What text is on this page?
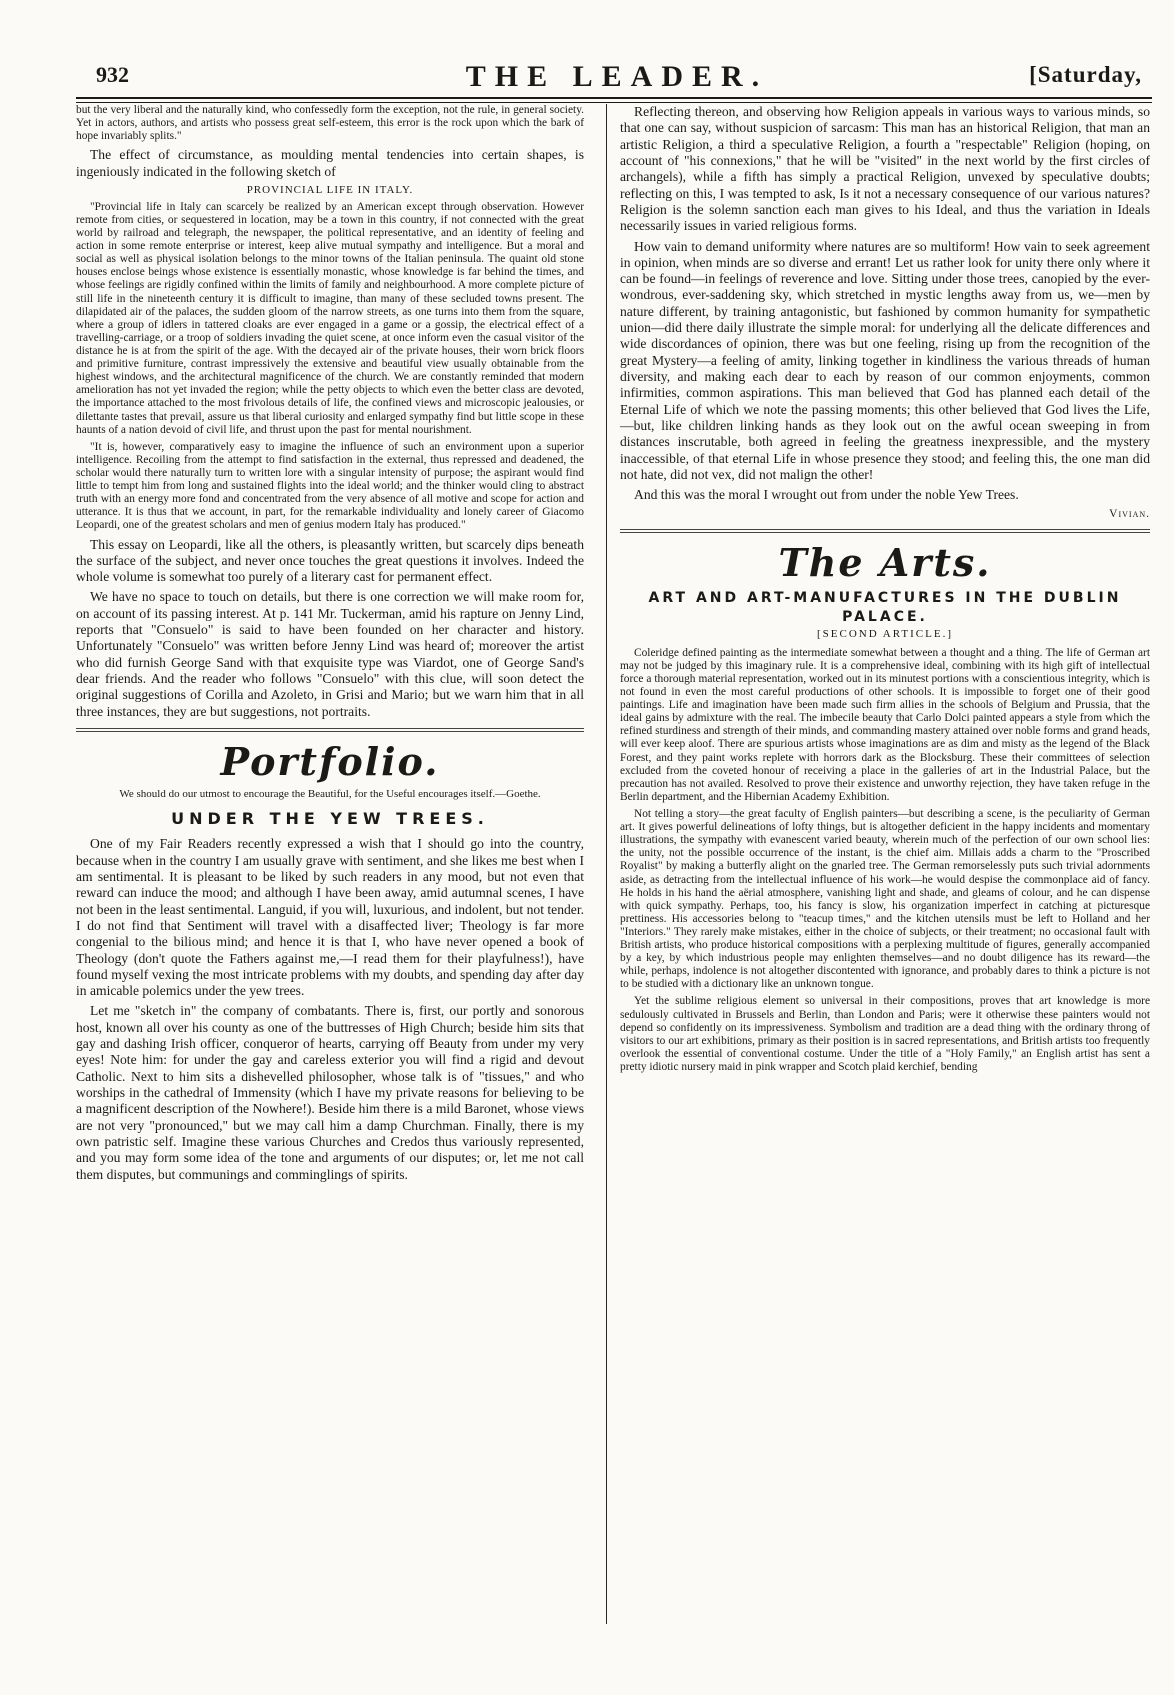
932	THE LEADER.	[Saturday,

but the very liberal and the naturally kind, who confessedly form the exception, not the rule, in general society. Yet in actors, authors, and artists who possess great self-esteem, this error is the rock upon which the bark of hope invariably splits."

The effect of circumstance, as moulding mental tendencies into certain shapes, is ingeniously indicated in the following sketch of

PROVINCIAL LIFE IN ITALY.

"Provincial life in Italy can scarcely be realized by an American except through observation. However remote from cities, or sequestered in location, may be a town in this country, if not connected with the great world by railroad and telegraph, the newspaper, the political representative, and an identity of feeling and action in some remote enterprise or interest, keep alive mutual sympathy and intelligence. But a moral and social as well as physical isolation belongs to the minor towns of the Italian peninsula. The quaint old stone houses enclose beings whose existence is essentially monastic, whose knowledge is far behind the times, and whose feelings are rigidly confined within the limits of family and neighbourhood. A more complete picture of still life in the nineteenth century it is difficult to imagine, than many of these secluded towns present. The dilapidated air of the palaces, the sudden gloom of the narrow streets, as one turns into them from the square, where a group of idlers in tattered cloaks are ever engaged in a game or a gossip, the electrical effect of a travelling-carriage, or a troop of soldiers invading the quiet scene, at once inform even the casual visitor of the distance he is at from the spirit of the age. With the decayed air of the private houses, their worn brick floors and primitive furniture, contrast impressively the extensive and beautiful view usually obtainable from the highest windows, and the architectural magnificence of the church. We are constantly reminded that modern amelioration has not yet invaded the region; while the petty objects to which even the better class are devoted, the importance attached to the most frivolous details of life, the confined views and microscopic jealousies, or dilettante tastes that prevail, assure us that liberal curiosity and enlarged sympathy find but little scope in these haunts of a nation devoid of civil life, and thrust upon the past for mental nourishment.

"It is, however, comparatively easy to imagine the influence of such an environment upon a superior intelligence. Recoiling from the attempt to find satisfaction in the external, thus repressed and deadened, the scholar would there naturally turn to written lore with a singular intensity of purpose; the aspirant would find little to tempt him from long and sustained flights into the ideal world; and the thinker would cling to abstract truth with an energy more fond and concentrated from the very absence of all motive and scope for action and utterance. It is thus that we account, in part, for the remarkable individuality and lonely career of Giacomo Leopardi, one of the greatest scholars and men of genius modern Italy has produced."

This essay on Leopardi, like all the others, is pleasantly written, but scarcely dips beneath the surface of the subject, and never once touches the great questions it involves. Indeed the whole volume is somewhat too purely of a literary cast for permanent effect.

We have no space to touch on details, but there is one correction we will make room for, on account of its passing interest. At p. 141 Mr. Tuckerman, amid his rapture on Jenny Lind, reports that "Consuelo" is said to have been founded on her character and history. Unfortunately "Consuelo" was written before Jenny Lind was heard of; moreover the artist who did furnish George Sand with that exquisite type was Viardot, one of George Sand's dear friends. And the reader who follows "Consuelo" with this clue, will soon detect the original suggestions of Corilla and Azoleto, in Grisi and Mario; but we warn him that in all three instances, they are but suggestions, not portraits.

Portfolio.

We should do our utmost to encourage the Beautiful, for the Useful encourages itself.—Goethe.

UNDER THE YEW TREES.

One of my Fair Readers recently expressed a wish that I should go into the country, because when in the country I am usually grave with sentiment, and she likes me best when I am sentimental. It is pleasant to be liked by such readers in any mood, but not even that reward can induce the mood; and although I have been away, amid autumnal scenes, I have not been in the least sentimental. Languid, if you will, luxurious, and indolent, but not tender. I do not find that Sentiment will travel with a disaffected liver; Theology is far more congenial to the bilious mind; and hence it is that I, who have never opened a book of Theology (don't quote the Fathers against me,—I read them for their playfulness!), have found myself vexing the most intricate problems with my doubts, and spending day after day in amicable polemics under the yew trees.

Let me "sketch in" the company of combatants. There is, first, our portly and sonorous host, known all over his county as one of the buttresses of High Church; beside him sits that gay and dashing Irish officer, conqueror of hearts, carrying off Beauty from under my very eyes! Note him: for under the gay and careless exterior you will find a rigid and devout Catholic. Next to him sits a dishevelled philosopher, whose talk is of "tissues," and who worships in the cathedral of Immensity (which I have my private reasons for believing to be a magnificent description of the Nowhere!). Beside him there is a mild Baronet, whose views are not very "pronounced," but we may call him a damp Churchman. Finally, there is my own patristic self. Imagine these various Churches and Credos thus variously represented, and you may form some idea of the tone and arguments of our disputes; or, let me not call them disputes, but communings and comminglings of spirits.

Reflecting thereon, and observing how Religion appeals in various ways to various minds, so that one can say, without suspicion of sarcasm: This man has an historical Religion, that man an artistic Religion, a third a speculative Religion, a fourth a "respectable" Religion (hoping, on account of "his connexions," that he will be "visited" in the next world by the first circles of archangels), while a fifth has simply a practical Religion, unvexed by speculative doubts; reflecting on this, I was tempted to ask, Is it not a necessary consequence of our various natures? Religion is the solemn sanction each man gives to his Ideal, and thus the variation in Ideals necessarily issues in varied religious forms.

How vain to demand uniformity where natures are so multiform! How vain to seek agreement in opinion, when minds are so diverse and errant! Let us rather look for unity there only where it can be found—in feelings of reverence and love. Sitting under those trees, canopied by the ever-wondrous, ever-saddening sky, which stretched in mystic lengths away from us, we—men by nature different, by training antagonistic, but fashioned by common humanity for sympathetic union—did there daily illustrate the simple moral: for underlying all the delicate differences and wide discordances of opinion, there was but one feeling, rising up from the recognition of the great Mystery—a feeling of amity, linking together in kindliness the various threads of human diversity, and making each dear to each by reason of our common enjoyments, common infirmities, common aspirations. This man believed that God has planned each detail of the Eternal Life of which we note the passing moments; this other believed that God lives the Life,—but, like children linking hands as they look out on the awful ocean sweeping in from distances inscrutable, both agreed in feeling the greatness inexpressible, and the mystery inaccessible, of that eternal Life in whose presence they stood; and feeling this, the one man did not hate, did not vex, did not malign the other!

And this was the moral I wrought out from under the noble Yew Trees.

Vivian.

The Arts.

ART AND ART-MANUFACTURES IN THE DUBLIN PALACE.

[SECOND ARTICLE.]

Coleridge defined painting as the intermediate somewhat between a thought and a thing. The life of German art may not be judged by this imaginary rule. It is a comprehensive ideal, combining with its high gift of intellectual force a thorough material representation, worked out in its minutest portions with a conscientious integrity, which is not found in even the most careful productions of other schools. It is impossible to forget one of their good paintings. Life and imagination have been made such firm allies in the schools of Belgium and Prussia, that the ideal gains by admixture with the real. The imbecile beauty that Carlo Dolci painted appears a style from which the refined sturdiness and strength of their minds, and commanding mastery attained over noble forms and grand heads, will ever keep aloof. There are spurious artists whose imaginations are as dim and misty as the legend of the Black Forest, and they paint works replete with horrors dark as the Blocksburg. These their committees of selection excluded from the coveted honour of receiving a place in the galleries of art in the Industrial Palace, but the precaution has not availed. Resolved to prove their existence and unworthy rejection, they have taken refuge in the Berlin department, and the Hibernian Academy Exhibition.

Not telling a story—the great faculty of English painters—but describing a scene, is the peculiarity of German art. It gives powerful delineations of lofty things, but is altogether deficient in the happy incidents and momentary illustrations, the sympathy with evanescent varied beauty, wherein much of the perfection of our own school lies: the unity, not the possible occurrence of the instant, is the chief aim. Millais adds a charm to the "Proscribed Royalist" by making a butterfly alight on the gnarled tree. The German remorselessly puts such trivial adornments aside, as detracting from the intellectual influence of his work—he would despise the commonplace aid of fancy. He holds in his hand the aërial atmosphere, vanishing light and shade, and gleams of colour, and he can dispense with quick sympathy. Perhaps, too, his fancy is slow, his organization imperfect in catching at picturesque prettiness. His accessories belong to "teacup times," and the kitchen utensils must be left to Holland and her "Interiors." They rarely make mistakes, either in the choice of subjects, or their treatment; no occasional fault with British artists, who produce historical compositions with a perplexing multitude of figures, generally accompanied by a key, by which industrious people may enlighten themselves—and no doubt diligence has its reward—the while, perhaps, indolence is not altogether discontented with ignorance, and probably dares to think a picture is not to be studied with a dictionary like an unknown tongue.

Yet the sublime religious element so universal in their compositions, proves that art knowledge is more sedulously cultivated in Brussels and Berlin, than London and Paris; were it otherwise these painters would not depend so confidently on its impressiveness. Symbolism and tradition are a dead thing with the ordinary throng of visitors to our art exhibitions, primary as their position is in sacred representations, and British artists too frequently overlook the essential of conventional costume. Under the title of a "Holy Family," an English artist has sent a pretty idiotic nursery maid in pink wrapper and Scotch plaid kerchief, bending
